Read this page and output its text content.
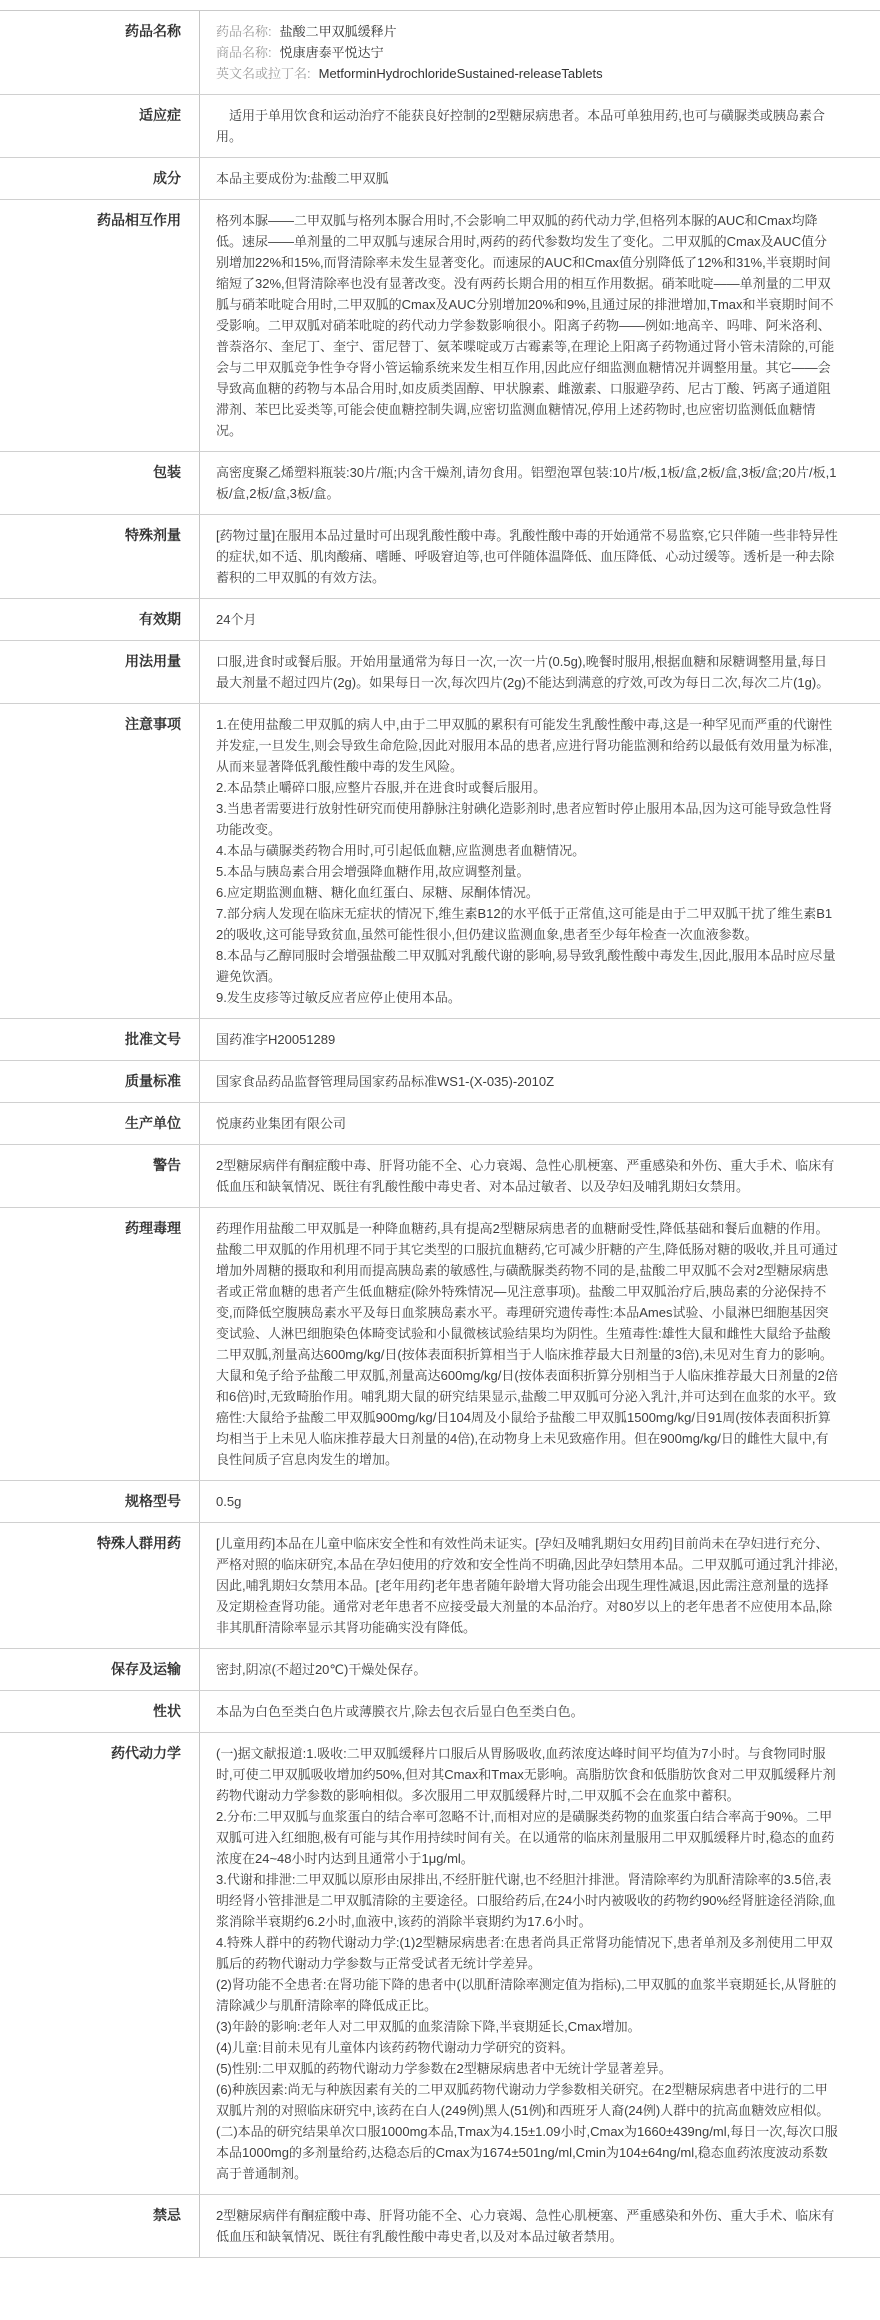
药品名称	药品名称: 盐酸二甲双胍缓释片
商品名称: 悦康唐泰平悦达宁
英文名或拉丁名: MetforminHydrochlorideSustained-releaseTablets
适应症	　适用于单用饮食和运动治疗不能获良好控制的2型糖尿病患者。本品可单独用药,也可与磺脲类或胰岛素合用。
成分	本品主要成份为:盐酸二甲双胍
药品相互作用	格列本脲——二甲双胍与格列本脲合用时,不会影响二甲双胍的药代动力学,但格列本脲的AUC和Cmax均降低。速尿——单剂量的二甲双胍与速尿合用时,两药的药代参数均发生了变化。二甲双胍的Cmax及AUC值分别增加22%和15%,而肾清除率未发生显著变化。而速尿的AUC和Cmax值分别降低了12%和31%,半衰期时间缩短了32%,但肾清除率也没有显著改变。没有两药长期合用的相互作用数据。硝苯吡啶——单剂量的二甲双胍与硝苯吡啶合用时,二甲双胍的Cmax及AUC分别增加20%和9%,且通过尿的排泄增加,Tmax和半衰期时间不受影响。二甲双胍对硝苯吡啶的药代动力学参数影响很小。阳离子药物——例如:地高辛、吗啡、阿米洛利、普萘洛尔、奎尼丁、奎宁、雷尼替丁、氨苯喋啶或万古霉素等,在理论上阳离子药物通过肾小管未清除的,可能会与二甲双胍竞争性争夺肾小管运输系统来发生相互作用,因此应仔细监测血糖情况并调整用量。其它——会导致高血糖的药物与本品合用时,如皮质类固醇、甲状腺素、雌激素、口服避孕药、尼古丁酸、钙离子通道阻滞剂、苯巴比妥类等,可能会使血糖控制失调,应密切监测血糖情况,停用上述药物时,也应密切监测低血糖情况。
包装	高密度聚乙烯塑料瓶装:30片/瓶;内含干燥剂,请勿食用。铝塑泡罩包装:10片/板,1板/盒,2板/盒,3板/盒;20片/板,1板/盒,2板/盒,3板/盒。
特殊剂量	[药物过量]在服用本品过量时可出现乳酸性酸中毒。乳酸性酸中毒的开始通常不易监察,它只伴随一些非特异性的症状,如不适、肌肉酸痛、嗜睡、呼吸窘迫等,也可伴随体温降低、血压降低、心动过缓等。透析是一种去除蓄积的二甲双胍的有效方法。
有效期	24个月
用法用量	口服,进食时或餐后服。开始用量通常为每日一次,一次一片(0.5g),晚餐时服用,根据血糖和尿糖调整用量,每日最大剂量不超过四片(2g)。如果每日一次,每次四片(2g)不能达到满意的疗效,可改为每日二次,每次二片(1g)。
注意事项	1.在使用盐酸二甲双胍的病人中,由于二甲双胍的累积有可能发生乳酸性酸中毒,这是一种罕见而严重的代谢性并发症,一旦发生,则会导致生命危险,因此对服用本品的患者,应进行肾功能监测和给药以最低有效用量为标准,从而来显著降低乳酸性酸中毒的发生风险。
2.本品禁止嚼碎口服,应整片吞服,并在进食时或餐后服用。
3.当患者需要进行放射性研究而使用静脉注射碘化造影剂时,患者应暂时停止服用本品,因为这可能导致急性肾功能改变。
4.本品与磺脲类药物合用时,可引起低血糖,应监测患者血糖情况。
5.本品与胰岛素合用会增强降血糖作用,故应调整剂量。
6.应定期监测血糖、糖化血红蛋白、尿糖、尿酮体情况。
7.部分病人发现在临床无症状的情况下,维生素B12的水平低于正常值,这可能是由于二甲双胍干扰了维生素B12的吸收,这可能导致贫血,虽然可能性很小,但仍建议监测血象,患者至少每年检查一次血液参数。
8.本品与乙醇同服时会增强盐酸二甲双胍对乳酸代谢的影响,易导致乳酸性酸中毒发生,因此,服用本品时应尽量避免饮酒。
9.发生皮疹等过敏反应者应停止使用本品。
批准文号	国药准字H20051289
质量标准	国家食品药品监督管理局国家药品标准WS1-(X-035)-2010Z
生产单位	悦康药业集团有限公司
警告	2型糖尿病伴有酮症酸中毒、肝肾功能不全、心力衰竭、急性心肌梗塞、严重感染和外伤、重大手术、临床有低血压和缺氧情况、既往有乳酸性酸中毒史者、对本品过敏者、以及孕妇及哺乳期妇女禁用。
药理毒理	药理作用盐酸二甲双胍是一种降血糖药,具有提高2型糖尿病患者的血糖耐受性,降低基础和餐后血糖的作用。盐酸二甲双胍的作用机理不同于其它类型的口服抗血糖药,它可减少肝糖的产生,降低肠对糖的吸收,并且可通过增加外周糖的摄取和利用而提高胰岛素的敏感性,与磺酰脲类药物不同的是,盐酸二甲双胍不会对2型糖尿病患者或正常血糖的患者产生低血糖症(除外特殊情况—见注意事项)。盐酸二甲双胍治疗后,胰岛素的分泌保持不变,而降低空腹胰岛素水平及每日血浆胰岛素水平。毒理研究遗传毒性:本品Ames试验、小鼠淋巴细胞基因突变试验、人淋巴细胞染色体畸变试验和小鼠微核试验结果均为阴性。生殖毒性:雄性大鼠和雌性大鼠给予盐酸二甲双胍,剂量高达600mg/kg/日(按体表面积折算相当于人临床推荐最大日剂量的3倍),未见对生育力的影响。大鼠和兔子给予盐酸二甲双胍,剂量高达600mg/kg/日(按体表面积折算分别相当于人临床推荐最大日剂量的2倍和6倍)时,无致畸胎作用。哺乳期大鼠的研究结果显示,盐酸二甲双胍可分泌入乳汁,并可达到在血浆的水平。致癌性:大鼠给予盐酸二甲双胍900mg/kg/日104周及小鼠给予盐酸二甲双胍1500mg/kg/日91周(按体表面积折算均相当于上未见人临床推荐最大日剂量的4倍),在动物身上未见致癌作用。但在900mg/kg/日的雌性大鼠中,有良性间质子宫息肉发生的增加。
规格型号	0.5g
特殊人群用药	[儿童用药]本品在儿童中临床安全性和有效性尚未证实。[孕妇及哺乳期妇女用药]目前尚未在孕妇进行充分、严格对照的临床研究,本品在孕妇使用的疗效和安全性尚不明确,因此孕妇禁用本品。二甲双胍可通过乳汁排泌,因此,哺乳期妇女禁用本品。[老年用药]老年患者随年龄增大肾功能会出现生理性减退,因此需注意剂量的选择及定期检查肾功能。通常对老年患者不应接受最大剂量的本品治疗。对80岁以上的老年患者不应使用本品,除非其肌酐清除率显示其肾功能确实没有降低。
保存及运输	密封,阴凉(不超过20℃)干燥处保存。
性状	本品为白色至类白色片或薄膜衣片,除去包衣后显白色至类白色。
药代动力学	(一)据文献报道:1.吸收:二甲双胍缓释片口服后从胃肠吸收,血药浓度达峰时间平均值为7小时。与食物同时服时,可使二甲双胍吸收增加约50%,但对其Cmax和Tmax无影响。高脂肪饮食和低脂肪饮食对二甲双胍缓释片剂药物代谢动力学参数的影响相似。多次服用二甲双胍缓释片时,二甲双胍不会在血浆中蓄积。
2.分布:二甲双胍与血浆蛋白的结合率可忽略不计,而相对应的是磺脲类药物的血浆蛋白结合率高于90%。二甲双胍可进入红细胞,极有可能与其作用持续时间有关。在以通常的临床剂量服用二甲双胍缓释片时,稳态的血药浓度在24~48小时内达到且通常小于1μg/ml。
3.代谢和排泄:二甲双胍以原形由尿排出,不经肝脏代谢,也不经胆汁排泄。肾清除率约为肌酐清除率的3.5倍,表明经肾小管排泄是二甲双胍清除的主要途径。口服给药后,在24小时内被吸收的药物约90%经肾脏途径消除,血浆消除半衰期约6.2小时,血液中,该药的消除半衰期约为17.6小时。
4.特殊人群中的药物代谢动力学:(1)2型糖尿病患者:在患者尚具正常肾功能情况下,患者单剂及多剂使用二甲双胍后的药物代谢动力学参数与正常受试者无统计学差异。
(2)肾功能不全患者:在肾功能下降的患者中(以肌酐清除率测定值为指标),二甲双胍的血浆半衰期延长,从肾脏的清除减少与肌酐清除率的降低成正比。
(3)年龄的影响:老年人对二甲双胍的血浆清除下降,半衰期延长,Cmax增加。
(4)儿童:目前未见有儿童体内该药药物代谢动力学研究的资料。
(5)性别:二甲双胍的药物代谢动力学参数在2型糖尿病患者中无统计学显著差异。
(6)种族因素:尚无与种族因素有关的二甲双胍药物代谢动力学参数相关研究。在2型糖尿病患者中进行的二甲双胍片剂的对照临床研究中,该药在白人(249例)黑人(51例)和西班牙人裔(24例)人群中的抗高血糖效应相似。(二)本品的研究结果单次口服1000mg本品,Tmax为4.15±1.09小时,Cmax为1660±439ng/ml,每日一次,每次口服本品1000mg的多剂量给药,达稳态后的Cmax为1674±501ng/ml,Cmin为104±64ng/ml,稳态血药浓度波动系数高于普通制剂。
禁忌	2型糖尿病伴有酮症酸中毒、肝肾功能不全、心力衰竭、急性心肌梗塞、严重感染和外伤、重大手术、临床有低血压和缺氧情况、既往有乳酸性酸中毒史者,以及对本品过敏者禁用。
